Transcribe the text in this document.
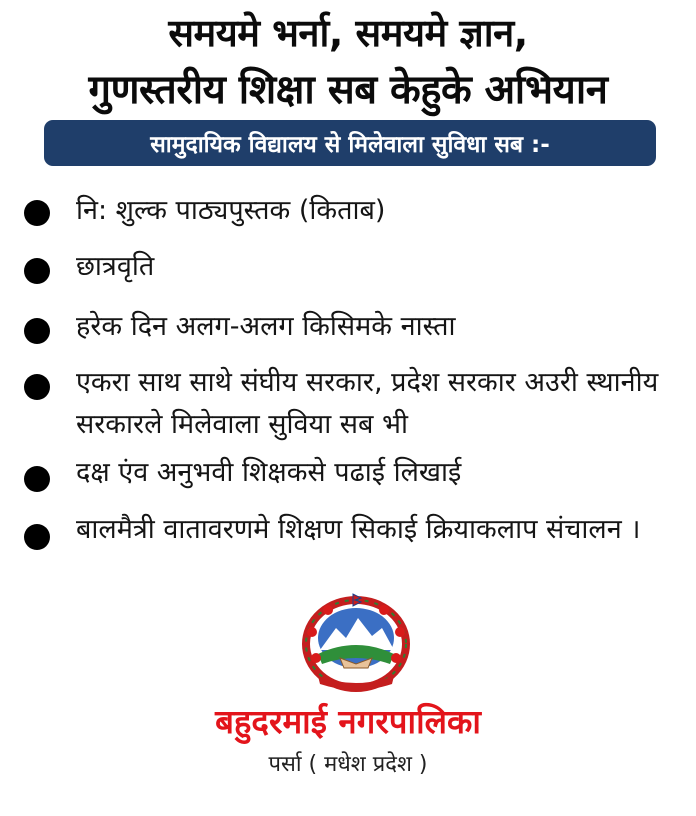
समयमे भर्ना, समयमे ज्ञान,
गुणस्तरीय शिक्षा सब केहुके अभियान
सामुदायिक विद्यालय से मिलेवाला सुविधा सब :-
नि: शुल्क पाठ्यपुस्तक (किताब)
छात्रवृति
हरेक दिन अलग-अलग किसिमके नास्ता
एकरा साथ साथे संघीय सरकार, प्रदेश सरकार अउरी स्थानीय सरकारले मिलेवाला सुविया सब भी
दक्ष एंव अनुभवी शिक्षकसे पढाई लिखाई
बालमैत्री वातावरणमे शिक्षण सिकाई क्रियाकलाप संचालन ।
बहुदरमाई नगरपालिका
पर्सा ( मधेश प्रदेश )
